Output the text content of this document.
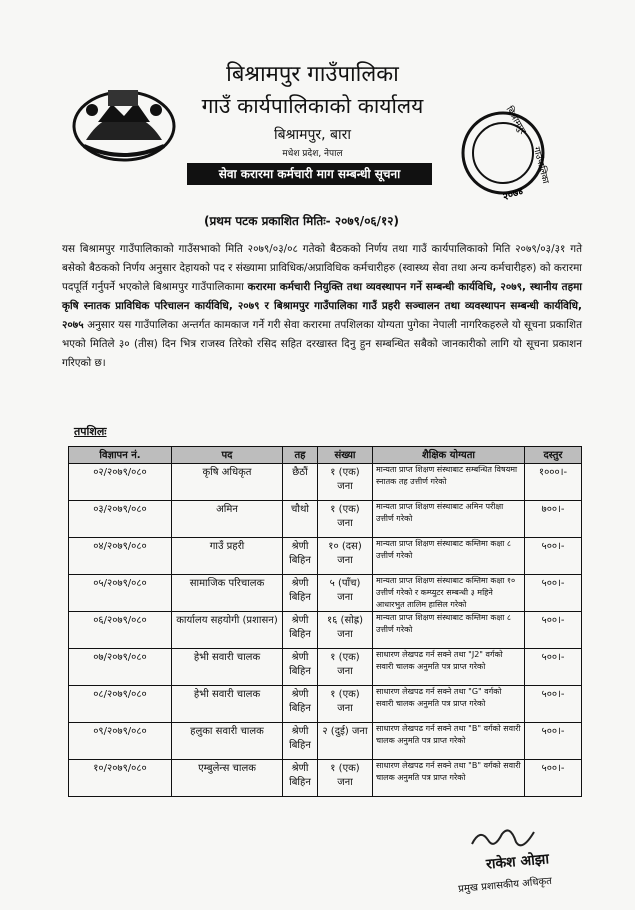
बिश्रामपुर
गाउँपालिका
२०७४
बिश्रामपुर गाउँपालिका
गाउँ कार्यपालिकाको कार्यालय
बिश्रामपुर, बारा
मधेश प्रदेश, नेपाल
सेवा करारमा कर्मचारी माग सम्बन्धी सूचना
(प्रथम पटक प्रकाशित मितिः- २०७९/०६/१२)
यस बिश्रामपुर गाउँपालिकाको गाउँसभाको मिति २०७९/०३/०८ गतेको बैठकको निर्णय तथा गाउँ कार्यपालिकाको मिति २०७९/०३/३१ गते बसेको बैठकको निर्णय अनुसार देहायको पद र संख्यामा प्राविधिक/अप्राविधिक कर्मचारीहरु (स्वास्थ्य सेवा तथा अन्य कर्मचारीहरु) को करारमा पदपूर्ति गर्नुपर्ने भएकोले बिश्रामपुर गाउँपालिकामा करारमा कर्मचारी नियुक्ति तथा व्यवस्थापन गर्ने सम्बन्धी कार्यविधि, २०७९, स्थानीय तहमा कृषि स्नातक प्राविधिक परिचालन कार्यविधि, २०७९ र बिश्रामपुर गाउँपालिका गाउँ प्रहरी सञ्चालन तथा व्यवस्थापन सम्बन्धी कार्यविधि, २०७५ अनुसार यस गाउँपालिका अन्तर्गत कामकाज गर्ने गरी सेवा करारमा तपशिलका योग्यता पुगेका नेपाली नागरिकहरुले यो सूचना प्रकाशित भएको मितिले ३० (तीस) दिन भित्र राजस्व तिरेको रसिद सहित दरखास्त दिनु हुन सम्बन्धित सबैको जानकारीको लागि यो सूचना प्रकाशन गरिएको छ।
तपशिलः
विज्ञापन नं.	पद	तह	संख्या	शैक्षिक योग्यता	दस्तुर
०२/२०७९/०८०	कृषि अधिकृत	छैठौं	१ (एक) जना	मान्यता प्राप्त शिक्षण संस्थाबाट सम्बन्धित विषयमा स्नातक तह उत्तीर्ण गरेको	१०००।-
०३/२०७९/०८०	अमिन	चौथो	१ (एक) जना	मान्यता प्राप्त शिक्षण संस्थाबाट अमिन परीक्षा उत्तीर्ण गरेको	७००।-
०४/२०७९/०८०	गाउँ प्रहरी	श्रेणी बिहिन	१० (दस) जना	मान्यता प्राप्त शिक्षण संस्थाबाट कम्तिमा कक्षा ८ उत्तीर्ण गरेको	५००।-
०५/२०७९/०८०	सामाजिक परिचालक	श्रेणी बिहिन	५ (पाँच) जना	मान्यता प्राप्त शिक्षण संस्थाबाट कम्तिमा कक्षा १० उत्तीर्ण गरेको र कम्प्युटर सम्बन्धी ३ महिने आधारभुत तालिम हासिल गरेको	५००।-
०६/२०७९/०८०	कार्यालय सहयोगी (प्रशासन)	श्रेणी बिहिन	१६ (सोह्र) जना	मान्यता प्राप्त शिक्षण संस्थाबाट कम्तिमा कक्षा ८ उत्तीर्ण गरेको	५००।-
०७/२०७९/०८०	हेभी सवारी चालक	श्रेणी बिहिन	१ (एक) जना	साधारण लेखपढ गर्न सक्ने तथा "J2" वर्गको सवारी चालक अनुमति पत्र प्राप्त गरेको	५००।-
०८/२०७९/०८०	हेभी सवारी चालक	श्रेणी बिहिन	१ (एक) जना	साधारण लेखपढ गर्न सक्ने तथा "G" वर्गको सवारी चालक अनुमति पत्र प्राप्त गरेको	५००।-
०९/२०७९/०८०	हलुका सवारी चालक	श्रेणी बिहिन	२ (दुई) जना	साधारण लेखपढ गर्न सक्ने तथा "B" वर्गको सवारी चालक अनुमति पत्र प्राप्त गरेको	५००।-
१०/२०७९/०८०	एम्बुलेन्स चालक	श्रेणी बिहिन	१ (एक) जना	साधारण लेखपढ गर्न सक्ने तथा "B" वर्गको सवारी चालक अनुमति पत्र प्राप्त गरेको	५००।-
राकेश ओझा
प्रमुख प्रशासकीय अधिकृत
